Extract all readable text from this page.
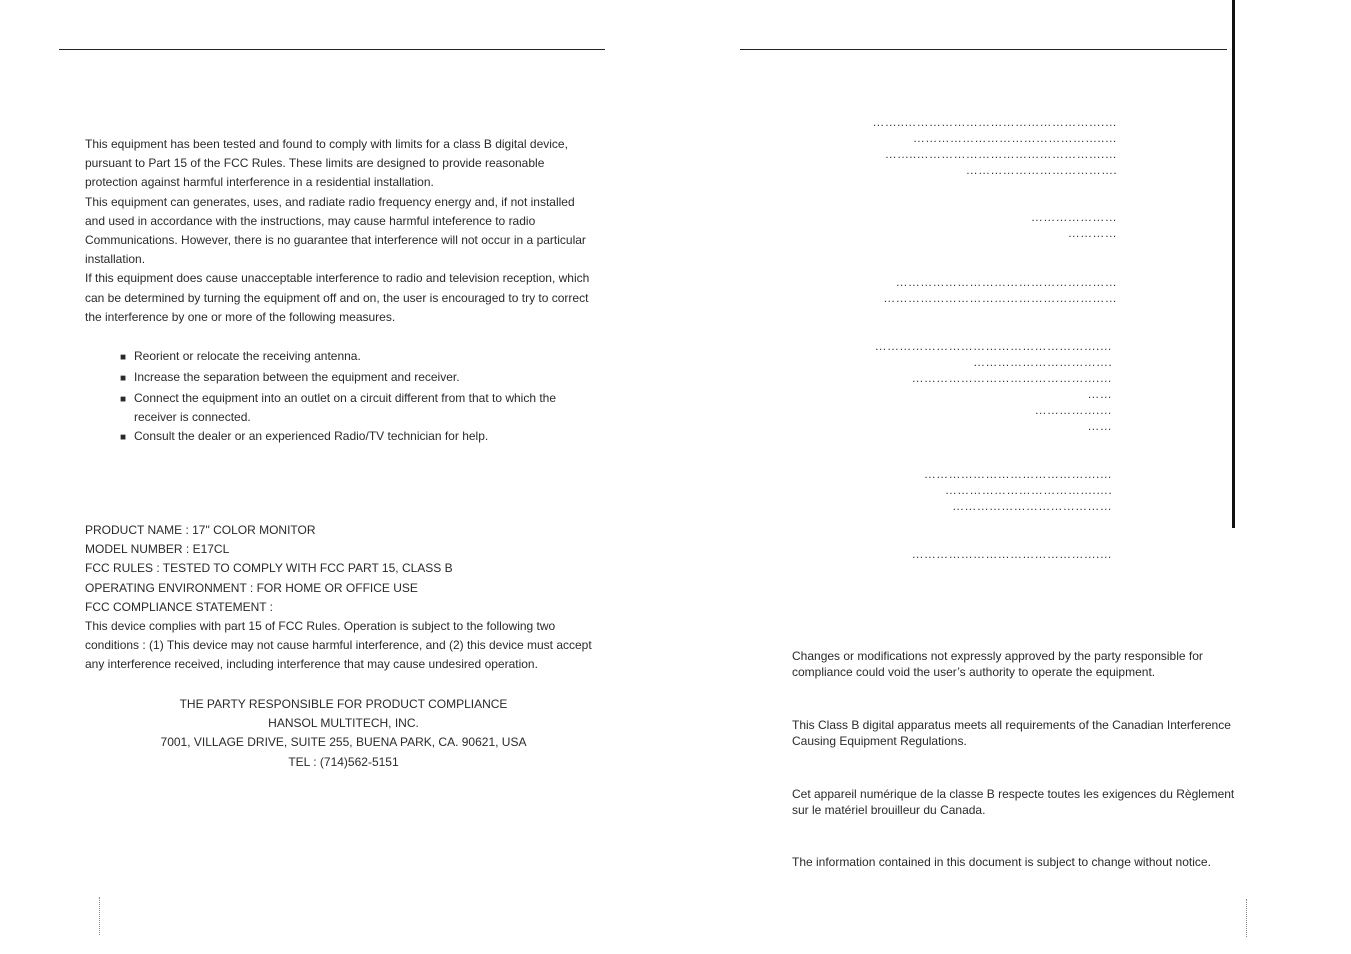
This equipment has been tested and found to comply with limits for a class B digital device,

pursuant to Part 15 of the FCC Rules. These limits are designed to provide reasonable

protection against harmful interference in a residential installation.

This equipment can generates, uses, and radiate radio frequency energy and, if not installed

and used in accordance with the instructions, may cause harmful inteference to radio

Communications. However, there is no guarantee that interference will not occur in a particular

installation.

If this equipment does cause unacceptable interference to radio and television reception, which

can be determined by turning the equipment off and on, the user is encouraged to try to correct

the interference by one or more of the following measures.

■ Reorient or relocate the receiving antenna.
■ Increase the separation between the equipment and receiver.
■ Connect the equipment into an outlet on a circuit different from that to which the receiver is connected.
■ Consult the dealer or an experienced Radio/TV technician for help.

PRODUCT NAME : 17" COLOR MONITOR

MODEL NUMBER : E17CL

FCC RULES : TESTED TO COMPLY WITH FCC PART 15, CLASS B

OPERATING ENVIRONMENT : FOR HOME OR OFFICE USE

FCC COMPLIANCE STATEMENT :

This device complies with part 15 of FCC Rules. Operation is subject to the following two

conditions : (1) This device may not cause harmful interference, and (2) this device must accept

any interference received, including interference that may cause undesired operation.

THE PARTY RESPONSIBLE FOR PRODUCT COMPLIANCE

HANSOL MULTITECH, INC.

7001, VILLAGE DRIVE, SUITE 255, BUENA PARK, CA. 90621, USA

TEL : (714)562-5151

……..………………………………………….…
………………………………………..…
……..……………………………………….…
……………………………….
…………………
…………
………………………………………………
…………………………………………………
……………………………………………….…
…………………………….
……………………………………….…
……
…………….…
……
…………………………………….…
……………………………….….
…………………………………
……………………………………….…

Changes or modifications not expressly approved by the party responsible for compliance could void the user’s authority to operate the equipment.

This Class B digital apparatus meets all requirements of the Canadian Interference Causing Equipment Regulations.

Cet appareil numérique de la classe B respecte toutes les exigences du Règlement sur le matériel brouilleur du Canada.

The information contained in this document is subject to change without notice.
